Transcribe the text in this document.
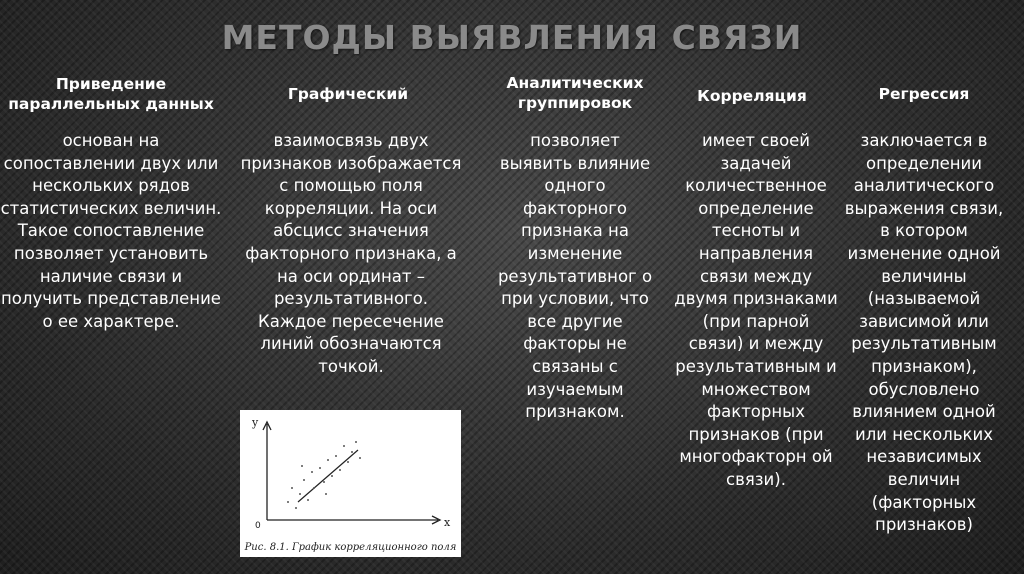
МЕТОДЫ ВЫЯВЛЕНИЯ СВЯЗИ
Приведение параллельных данных
Графический
Аналитических группировок	Корреляция	Регрессия
основан на сопоставлении двух или нескольких рядов статистических величин. Такое сопоставление позволяет установить наличие связи и получить представление о ее характере.
взаимосвязь двух признаков изображается с помощью поля корреляции. На оси абсцисс значения факторного признака, а на оси ординат – результативного. Каждое пересечение линий обозначаются точкой.
позволяет выявить влияние одного факторного признака на изменение результативног о при условии, что все другие факторы не связаны с изучаемым признаком.
имеет своей задачей количественное определение тесноты и направления связи между двумя признаками (при парной связи) и между результативным и множеством факторных признаков (при многофакторн ой связи).
заключается в определении аналитического выражения связи, в котором изменение одной величины (называемой зависимой или результативным признаком), обусловлено влиянием одной или нескольких независимых величин (факторных признаков)
y
x
0
Рис. 8.1. График корреляционного поля
